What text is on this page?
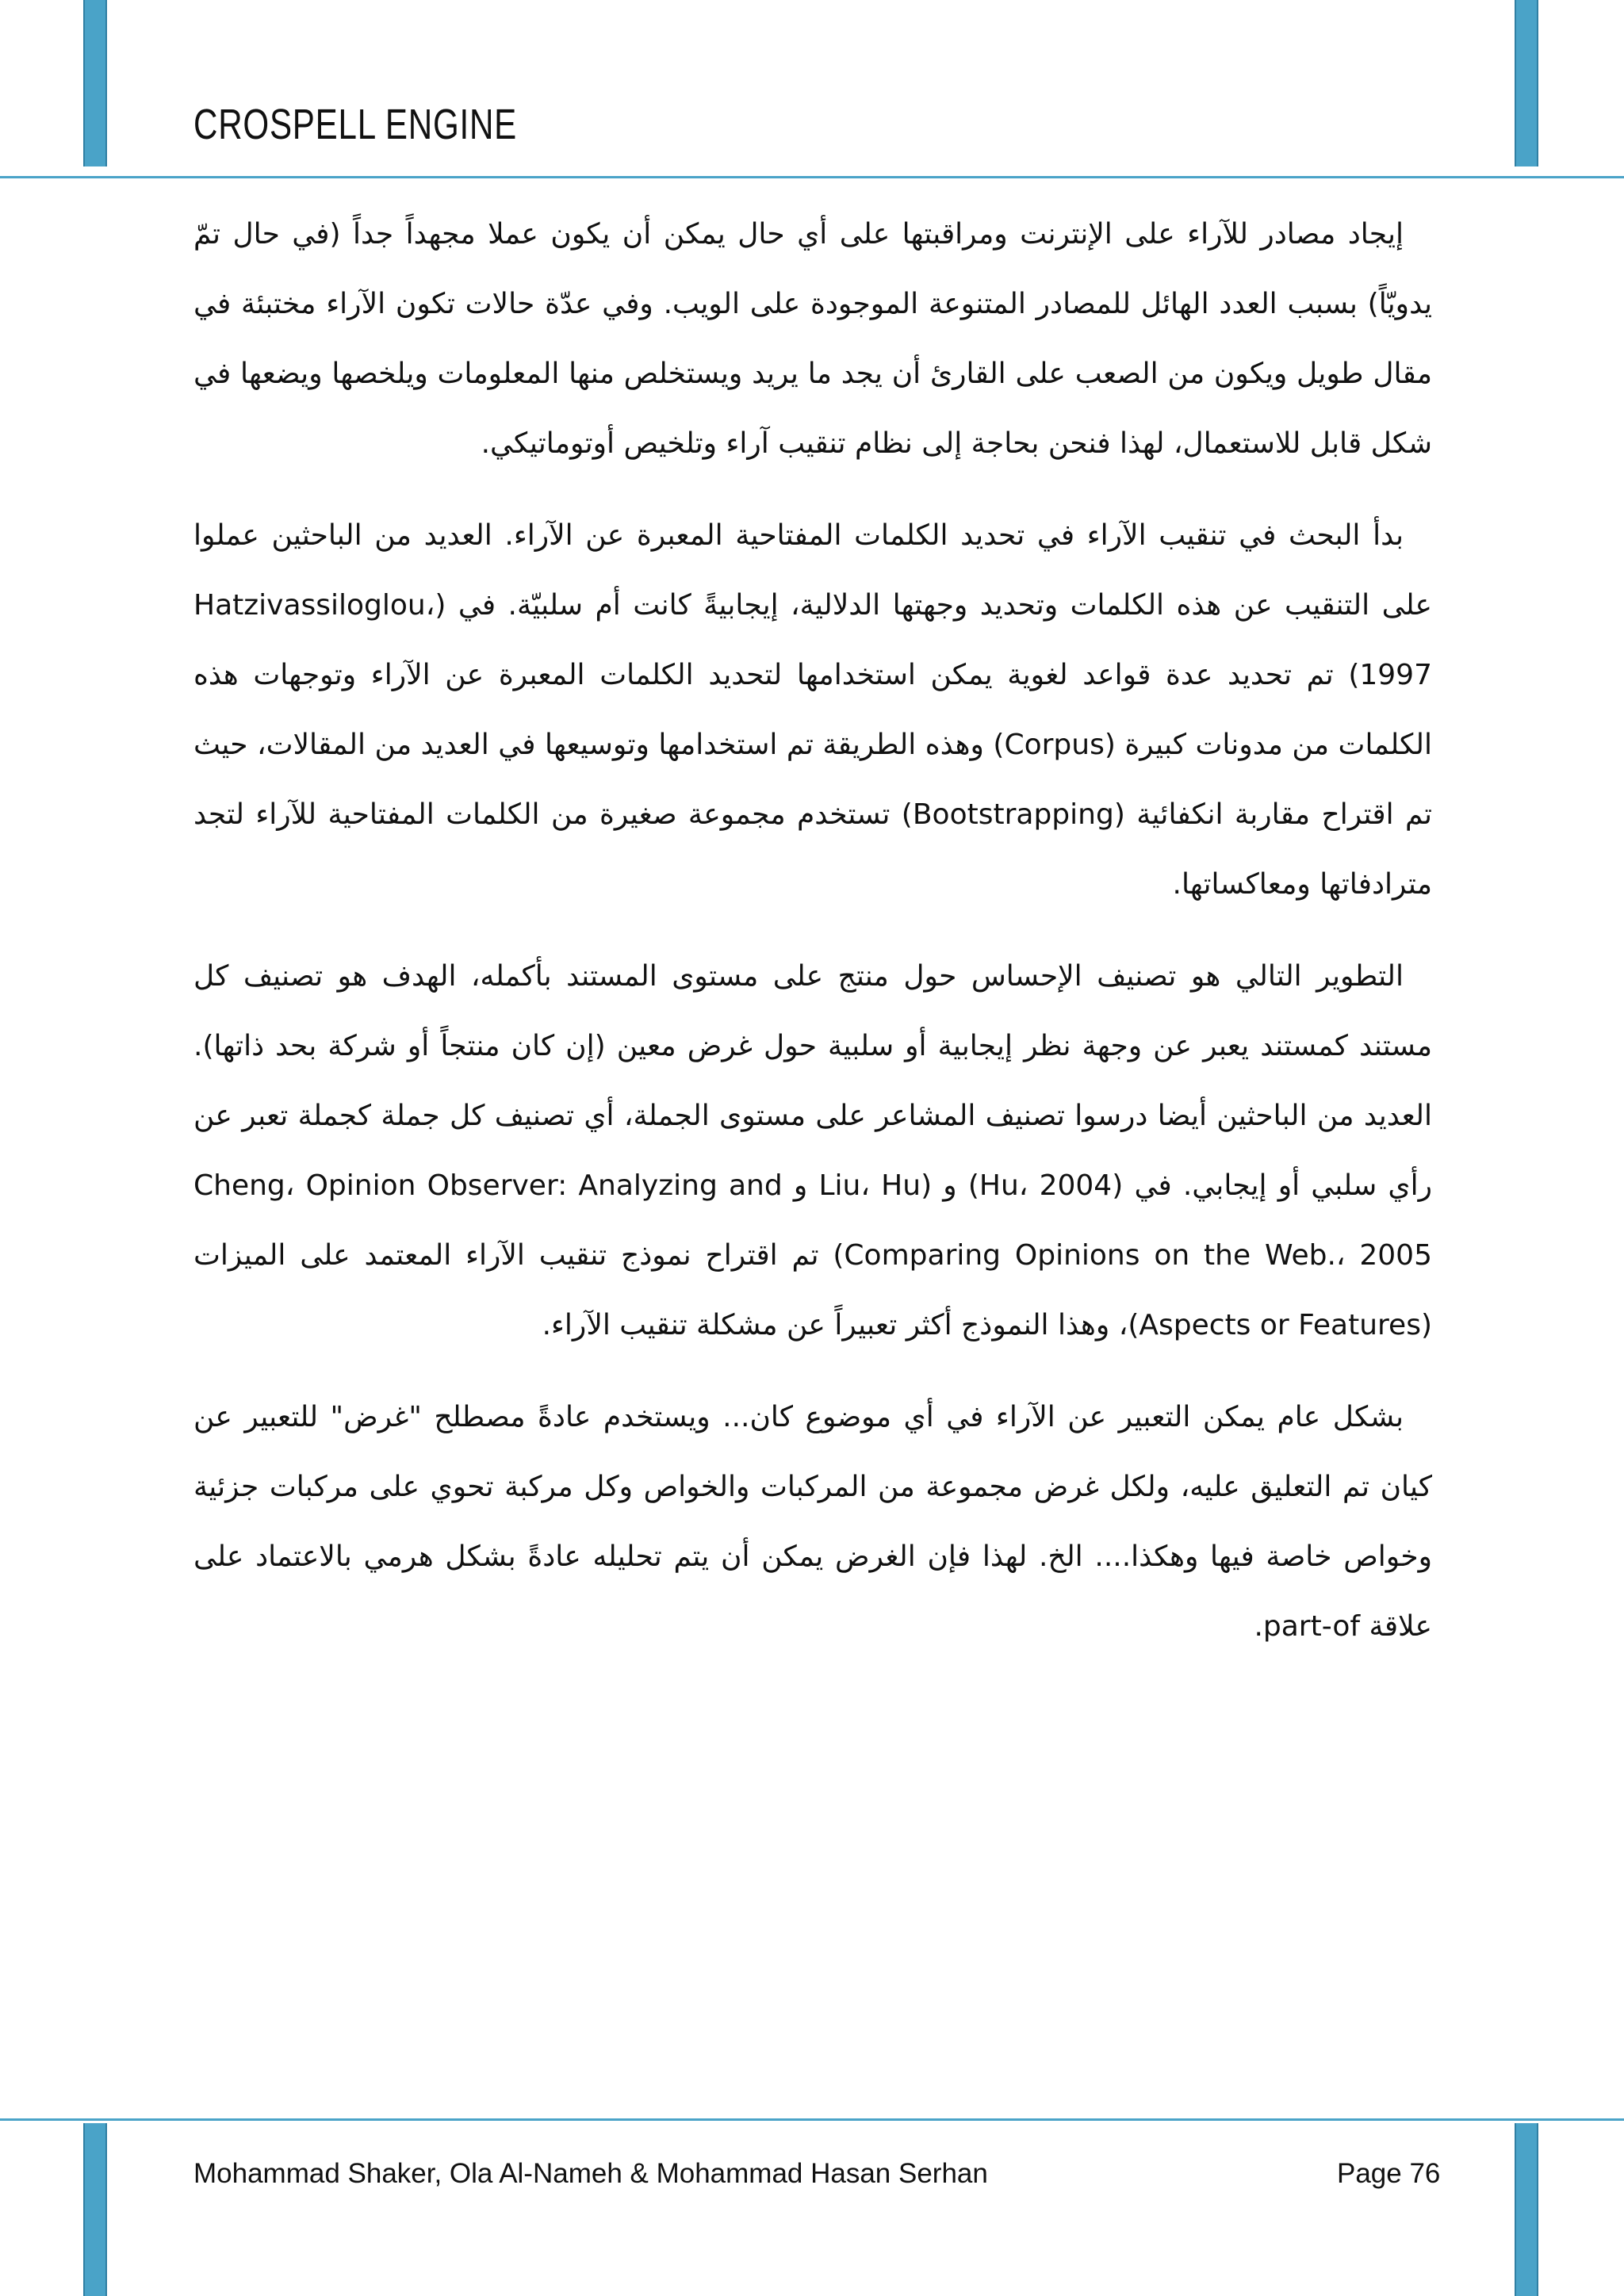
CROSPELL ENGINE

إيجاد مصادر للآراء على الإنترنت ومراقبتها على أي حال يمكن أن يكون عملا مجهداً جداً (في حال تمّ يدويّاً) بسبب العدد الهائل للمصادر المتنوعة الموجودة على الويب. وفي عدّة حالات تكون الآراء مختبئة في مقال طويل ويكون من الصعب على القارئ أن يجد ما يريد ويستخلص منها المعلومات ويلخصها ويضعها في شكل قابل للاستعمال، لهذا فنحن بحاجة إلى نظام تنقيب آراء وتلخيص أوتوماتيكي.

بدأ البحث في تنقيب الآراء في تحديد الكلمات المفتاحية المعبرة عن الآراء. العديد من الباحثين عملوا على التنقيب عن هذه الكلمات وتحديد وجهتها الدلالية، إيجابيةً كانت أم سلبيّة. في (Hatzivassiloglou، 1997) تم تحديد عدة قواعد لغوية يمكن استخدامها لتحديد الكلمات المعبرة عن الآراء وتوجهات هذه الكلمات من مدونات كبيرة (Corpus) وهذه الطريقة تم استخدامها وتوسيعها في العديد من المقالات، حيث تم اقتراح مقاربة انكفائية (Bootstrapping) تستخدم مجموعة صغيرة من الكلمات المفتاحية للآراء لتجد مترادفاتها ومعاكساتها.

التطوير التالي هو تصنيف الإحساس حول منتج على مستوى المستند بأكمله، الهدف هو تصنيف كل مستند كمستند يعبر عن وجهة نظر إيجابية أو سلبية حول غرض معين (إن كان منتجاً أو شركة بحد ذاتها). العديد من الباحثين أيضا درسوا تصنيف المشاعر على مستوى الجملة، أي تصنيف كل جملة كجملة تعبر عن رأي سلبي أو إيجابي. في (Hu، 2004) و (Liu، Hu و Cheng، Opinion Observer: Analyzing and Comparing Opinions on the Web.، 2005) تم اقتراح نموذج تنقيب الآراء المعتمد على الميزات (Aspects or Features)، وهذا النموذج أكثر تعبيراً عن مشكلة تنقيب الآراء.

بشكل عام يمكن التعبير عن الآراء في أي موضوع كان... ويستخدم عادةً مصطلح "غرض" للتعبير عن كيان تم التعليق عليه، ولكل غرض مجموعة من المركبات والخواص وكل مركبة تحوي على مركبات جزئية وخواص خاصة فيها وهكذا.... الخ. لهذا فإن الغرض يمكن أن يتم تحليله عادةً بشكل هرمي بالاعتماد على علاقة part-of.

Mohammad Shaker, Ola Al-Nameh & Mohammad Hasan Serhan	Page 76
